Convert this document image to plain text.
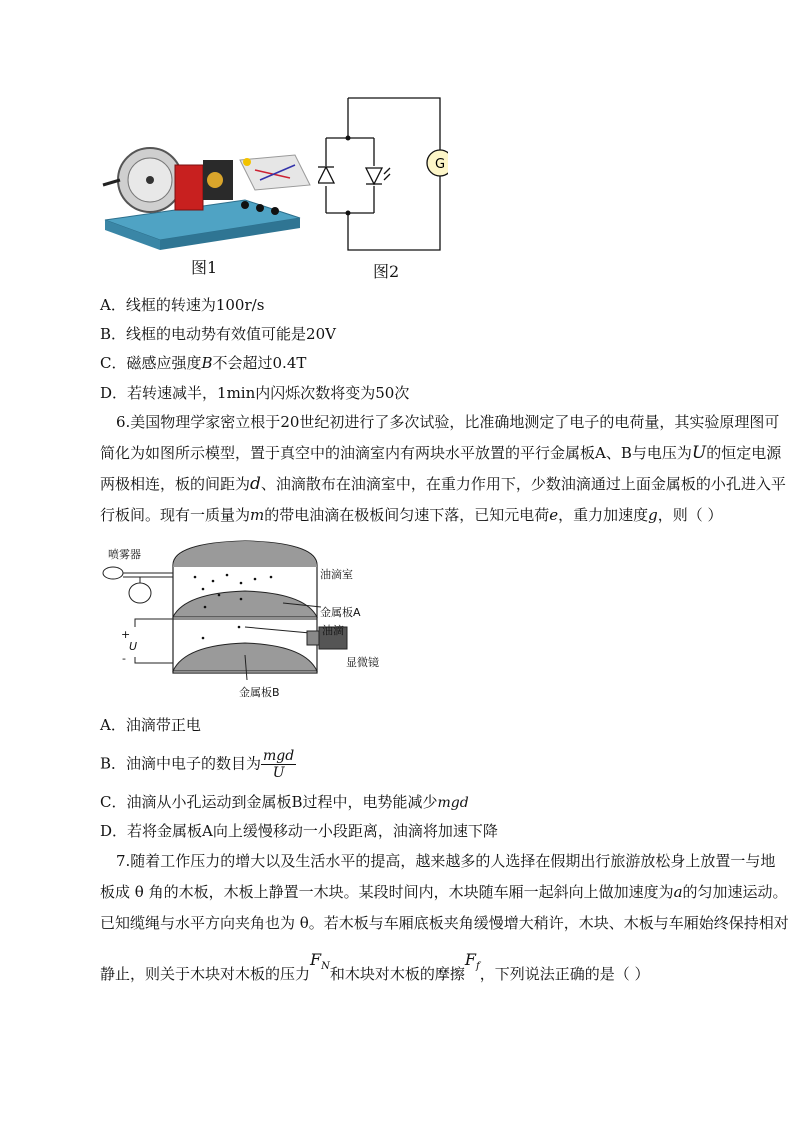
图1
G
图2
A．线框的转速为100r/s
B．线框的电动势有效值可能是20V
C．磁感应强度B不会超过0.4T
D．若转速减半，1min内闪烁次数将变为50次
6.美国物理学家密立根于20世纪初进行了多次试验，比准确地测定了电子的电荷量，其实验原理图可
简化为如图所示模型，置于真空中的油滴室内有两块水平放置的平行金属板A、B与电压为U的恒定电源
两极相连，板的间距为d、油滴散布在油滴室中，在重力作用下，少数油滴通过上面金属板的小孔进入平
行板间。现有一质量为m的带电油滴在极板间匀速下落，已知元电荷e，重力加速度g，则（ ）
喷雾器
油滴室
金属板A
油滴
显微镜
金属板B
+
U
-
A．油滴带正电
B．油滴中电子的数目为 $\frac{\text{mgd}}{U}$
C．油滴从小孔运动到金属板B过程中，电势能减少mgd
D．若将金属板A向上缓慢移动一小段距离，油滴将加速下降
7.随着工作压力的增大以及生活水平的提高，越来越多的人选择在假期出行旅游放松身上放置一与地
板成 θ 角的木板，木板上静置一木块。某段时间内，木块随车厢一起斜向上做加速度为a的匀加速运动。
已知缆绳与水平方向夹角也为 θ。若木板与车厢底板夹角缓慢增大稍许，木块、木板与车厢始终保持相对
静止，则关于木块对木板的压力$F_N$和木块对木板的摩擦$F_f$，下列说法正确的是（ ）
